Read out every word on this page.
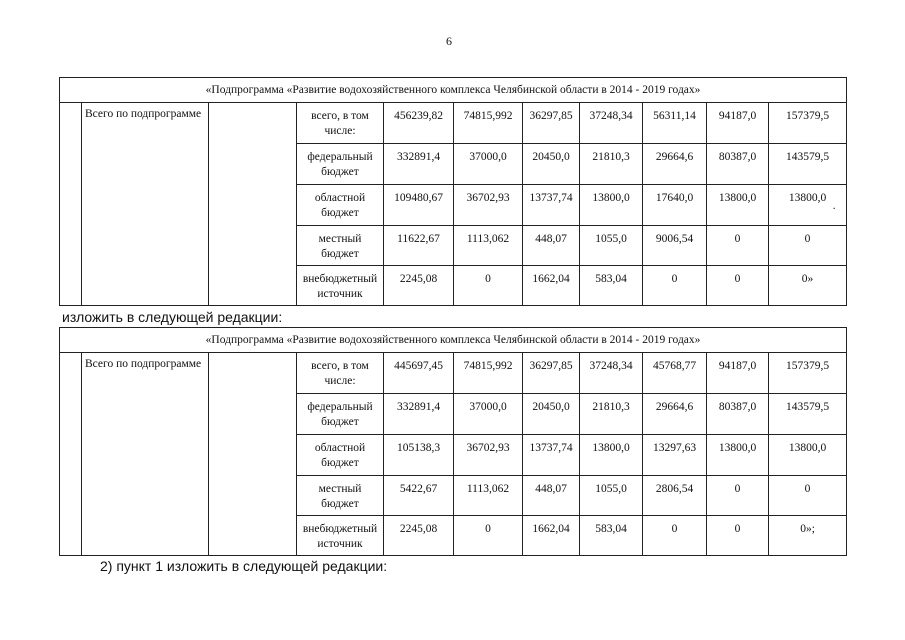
6
«Подпрограмма «Развитие водохозяйственного комплекса Челябинской области в 2014 - 2019 годах»										
	Всего по подпрограмме		всего, в том числе:	456239,82	74815,992	36297,85	37248,34	56311,14	94187,0	157379,5
			федеральный бюджет	332891,4	37000,0	20450,0	21810,3	29664,6	80387,0	143579,5
			областной бюджет	109480,67	36702,93	13737,74	13800,0	17640,0	13800,0	13800,0
·

			местный бюджет	11622,67	1113,062	448,07	1055,0	9006,54	0	0
			внебюджетный источник	2245,08	0	1662,04	583,04	0	0	0»
изложить в следующей редакции:
«Подпрограмма «Развитие водохозяйственного комплекса Челябинской области в 2014 - 2019 годах»										
	Всего по подпрограмме		всего, в том числе:	445697,45	74815,992	36297,85	37248,34	45768,77	94187,0	157379,5
			федеральный бюджет	332891,4	37000,0	20450,0	21810,3	29664,6	80387,0	143579,5
			областной бюджет	105138,3	36702,93	13737,74	13800,0	13297,63	13800,0	13800,0
			местный бюджет	5422,67	1113,062	448,07	1055,0	2806,54	0	0
			внебюджетный источник	2245,08	0	1662,04	583,04	0	0	0»;
2) пункт 1 изложить в следующей редакции:
